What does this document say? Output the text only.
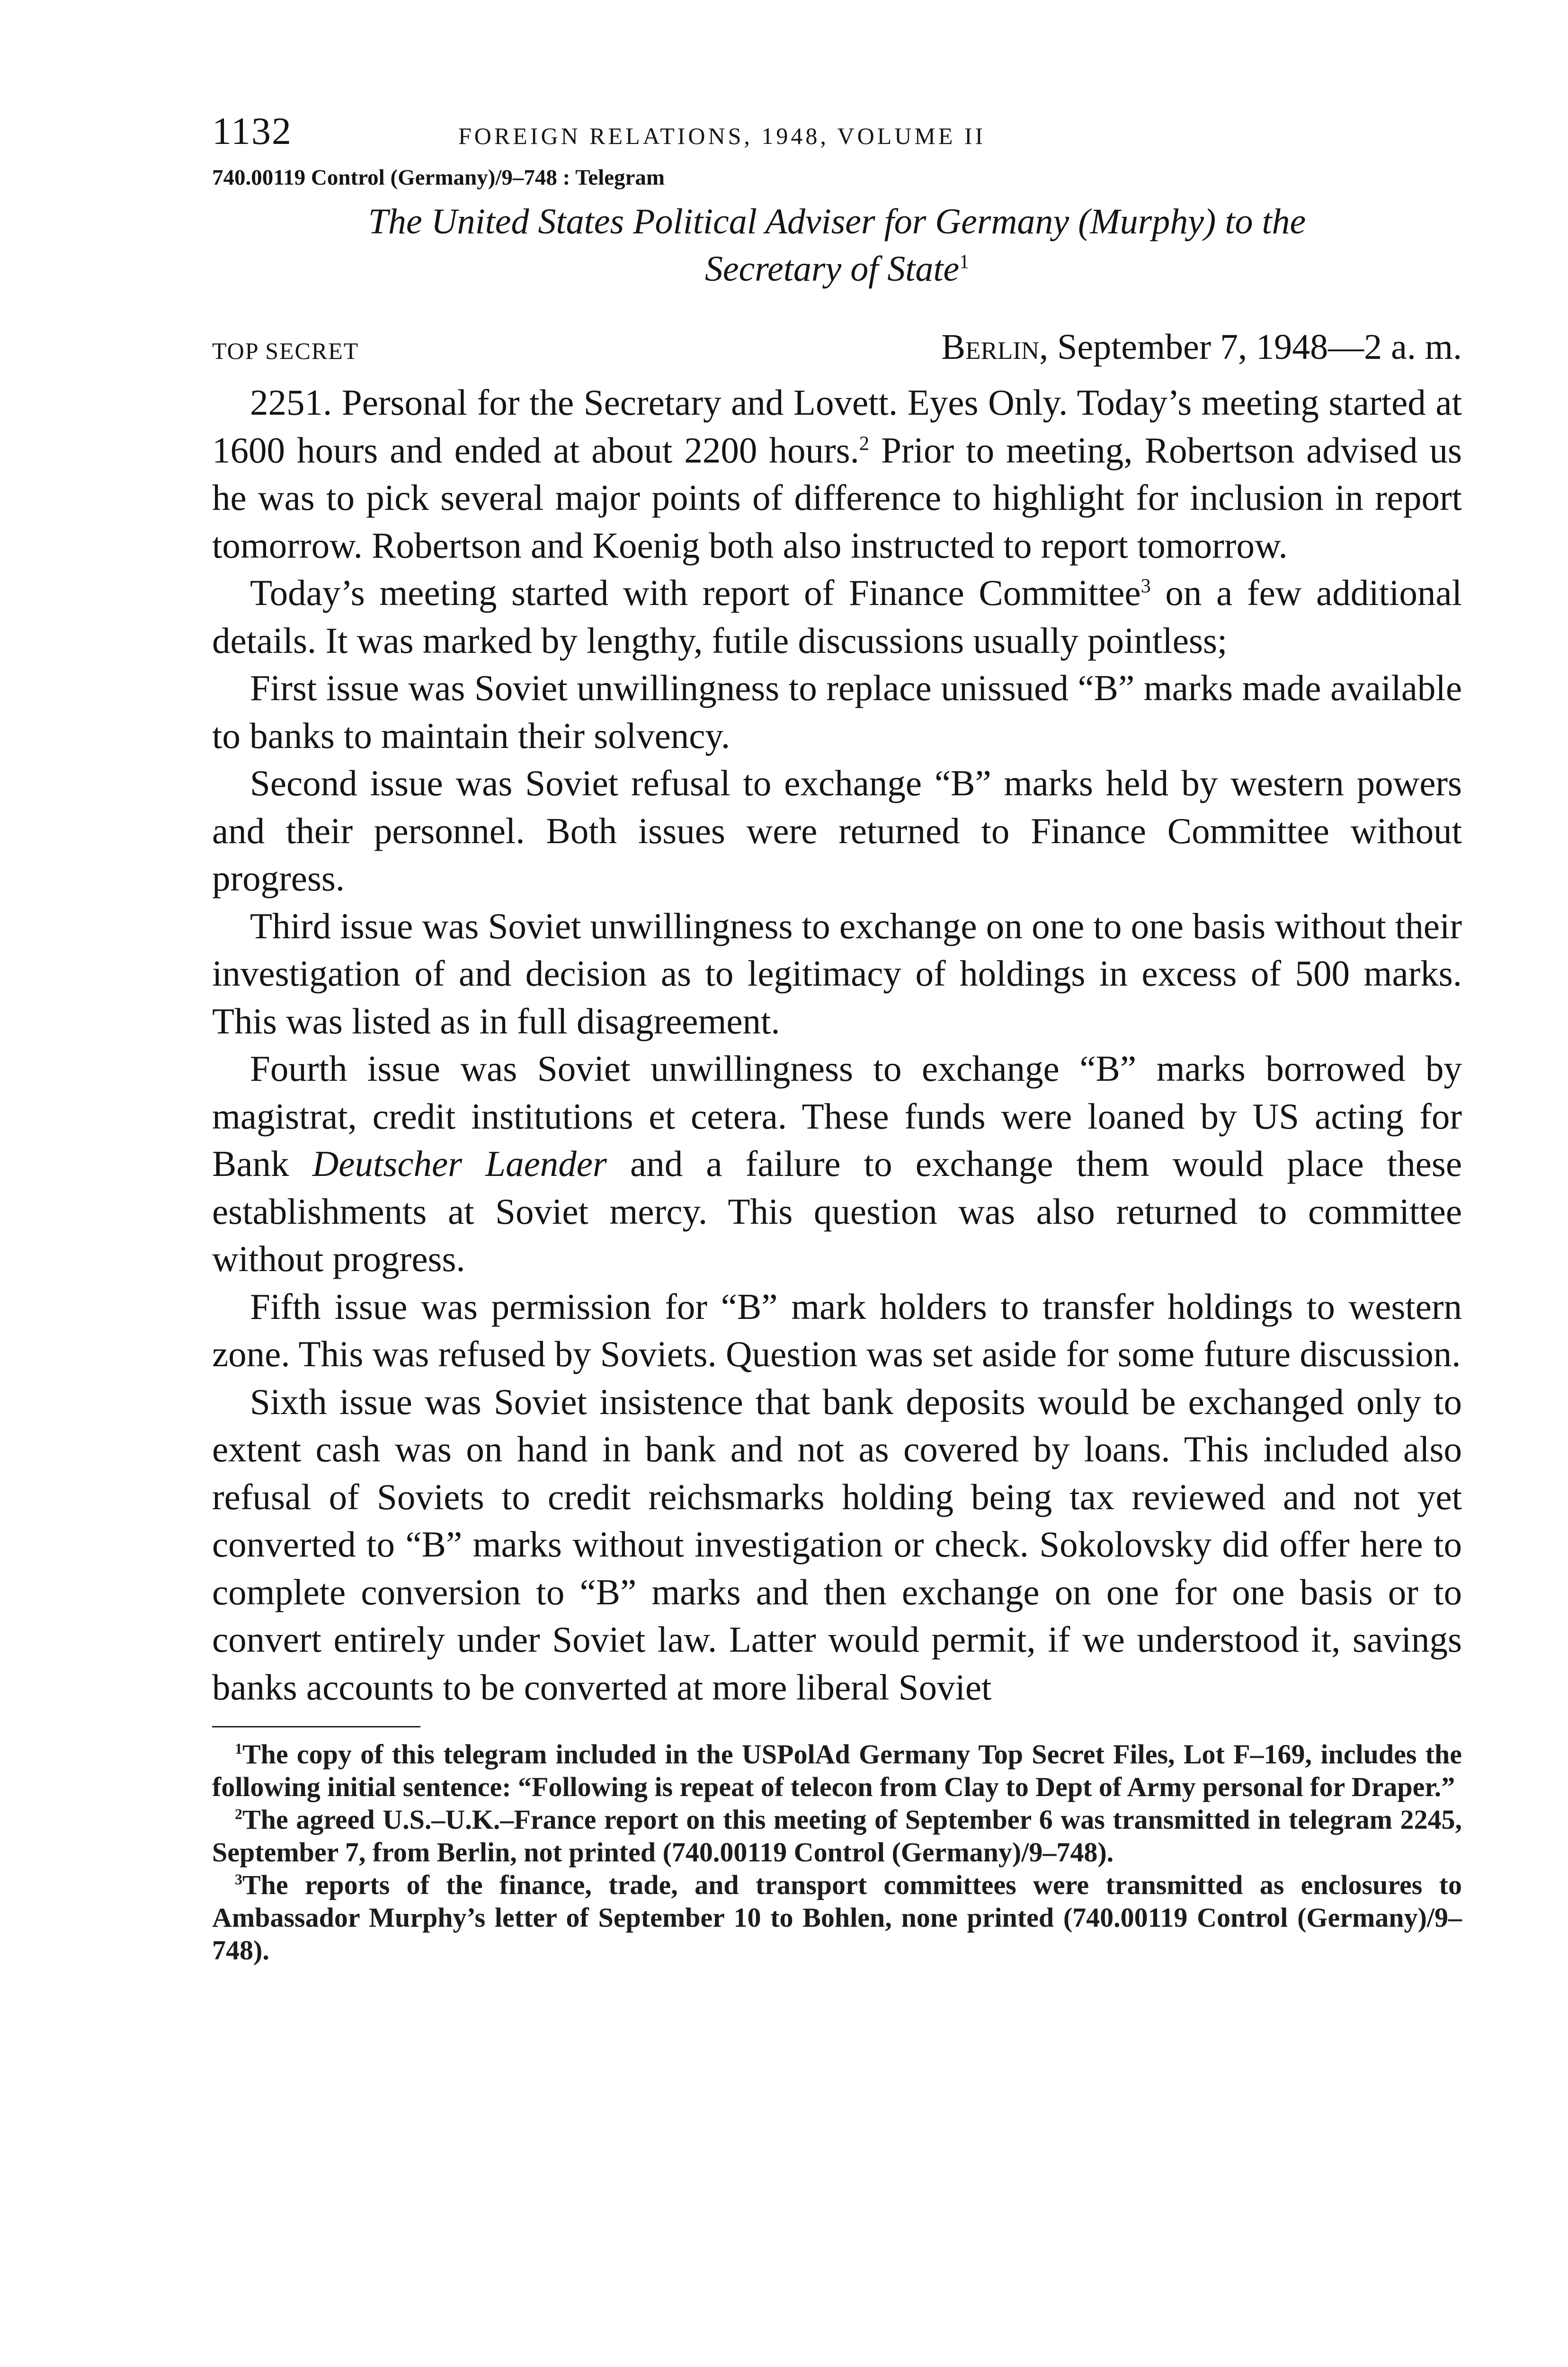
1132	FOREIGN RELATIONS, 1948, VOLUME II
740.00119 Control (Germany)/9–748 : Telegram
The United States Political Adviser for Germany (Murphy) to the
Secretary of State$^1$
TOP SECRET	Berlin, September 7, 1948—2 a. m.

2251. Personal for the Secretary and Lovett. Eyes Only. Today’s meeting started at 1600 hours and ended at about 2200 hours.$^2$ Prior to meeting, Robertson advised us he was to pick several major points of difference to highlight for inclusion in report tomorrow. Robertson and Koenig both also instructed to report tomorrow.

Today’s meeting started with report of Finance Committee$^3$ on a few additional details. It was marked by lengthy, futile discussions usually pointless;

First issue was Soviet unwillingness to replace unissued “B” marks made available to banks to maintain their solvency.

Second issue was Soviet refusal to exchange “B” marks held by western powers and their personnel. Both issues were returned to Finance Committee without progress.

Third issue was Soviet unwillingness to exchange on one to one basis without their investigation of and decision as to legitimacy of holdings in excess of 500 marks. This was listed as in full disagreement.

Fourth issue was Soviet unwillingness to exchange “B” marks borrowed by magistrat, credit institutions et cetera. These funds were loaned by US acting for Bank Deutscher Laender and a failure to exchange them would place these establishments at Soviet mercy. This question was also returned to committee without progress.

Fifth issue was permission for “B” mark holders to transfer holdings to western zone. This was refused by Soviets. Question was set aside for some future discussion.

Sixth issue was Soviet insistence that bank deposits would be exchanged only to extent cash was on hand in bank and not as covered by loans. This included also refusal of Soviets to credit reichsmarks holding being tax reviewed and not yet converted to “B” marks without investigation or check. Sokolovsky did offer here to complete conversion to “B” marks and then exchange on one for one basis or to convert entirely under Soviet law. Latter would permit, if we understood it, savings banks accounts to be converted at more liberal Soviet

$^1$The copy of this telegram included in the USPolAd Germany Top Secret Files, Lot F–169, includes the following initial sentence: “Following is repeat of telecon from Clay to Dept of Army personal for Draper.”

$^2$The agreed U.S.–U.K.–France report on this meeting of September 6 was transmitted in telegram 2245, September 7, from Berlin, not printed (740.00119 Control (Germany)/9–748).

$^3$The reports of the finance, trade, and transport committees were transmitted as enclosures to Ambassador Murphy’s letter of September 10 to Bohlen, none printed (740.00119 Control (Germany)/9–748).
